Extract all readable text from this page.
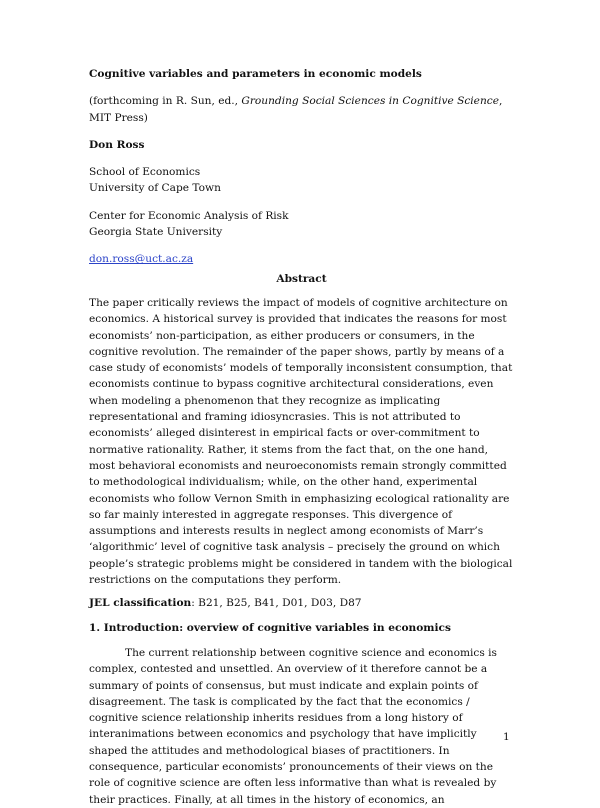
Cognitive variables and parameters in economic models

(forthcoming in R. Sun, ed., Grounding Social Sciences in Cognitive Science, MIT Press)

Don Ross

School of Economics
University of Cape Town
Center for Economic Analysis of Risk
Georgia State University
don.ross@uct.ac.za

Abstract

The paper critically reviews the impact of models of cognitive architecture on economics. A historical survey is provided that indicates the reasons for most economists’ non-participation, as either producers or consumers, in the cognitive revolution. The remainder of the paper shows, partly by means of a case study of economists’ models of temporally inconsistent consumption, that economists continue to bypass cognitive architectural considerations, even when modeling a phenomenon that they recognize as implicating representational and framing idiosyncrasies. This is not attributed to economists’ alleged disinterest in empirical facts or over-commitment to normative rationality. Rather, it stems from the fact that, on the one hand, most behavioral economists and neuroeconomists remain strongly committed to methodological individualism; while, on the other hand, experimental economists who follow Vernon Smith in emphasizing ecological rationality are so far mainly interested in aggregate responses. This divergence of assumptions and interests results in neglect among economists of Marr’s ‘algorithmic’ level of cognitive task analysis – precisely the ground on which people’s strategic problems might be considered in tandem with the biological restrictions on the computations they perform.

JEL classification: B21, B25, B41, D01, D03, D87

1. Introduction: overview of cognitive variables in economics

The current relationship between cognitive science and economics is complex, contested and unsettled. An overview of it therefore cannot be a summary of points of consensus, but must indicate and explain points of disagreement. The task is complicated by the fact that the economics / cognitive science relationship inherits residues from a long history of interanimations between economics and psychology that have implicitly shaped the attitudes and methodological biases of practitioners. In consequence, particular economists’ pronouncements of their views on the role of cognitive science are often less informative than what is revealed by their practices. Finally, at all times in the history of economics, an

1
